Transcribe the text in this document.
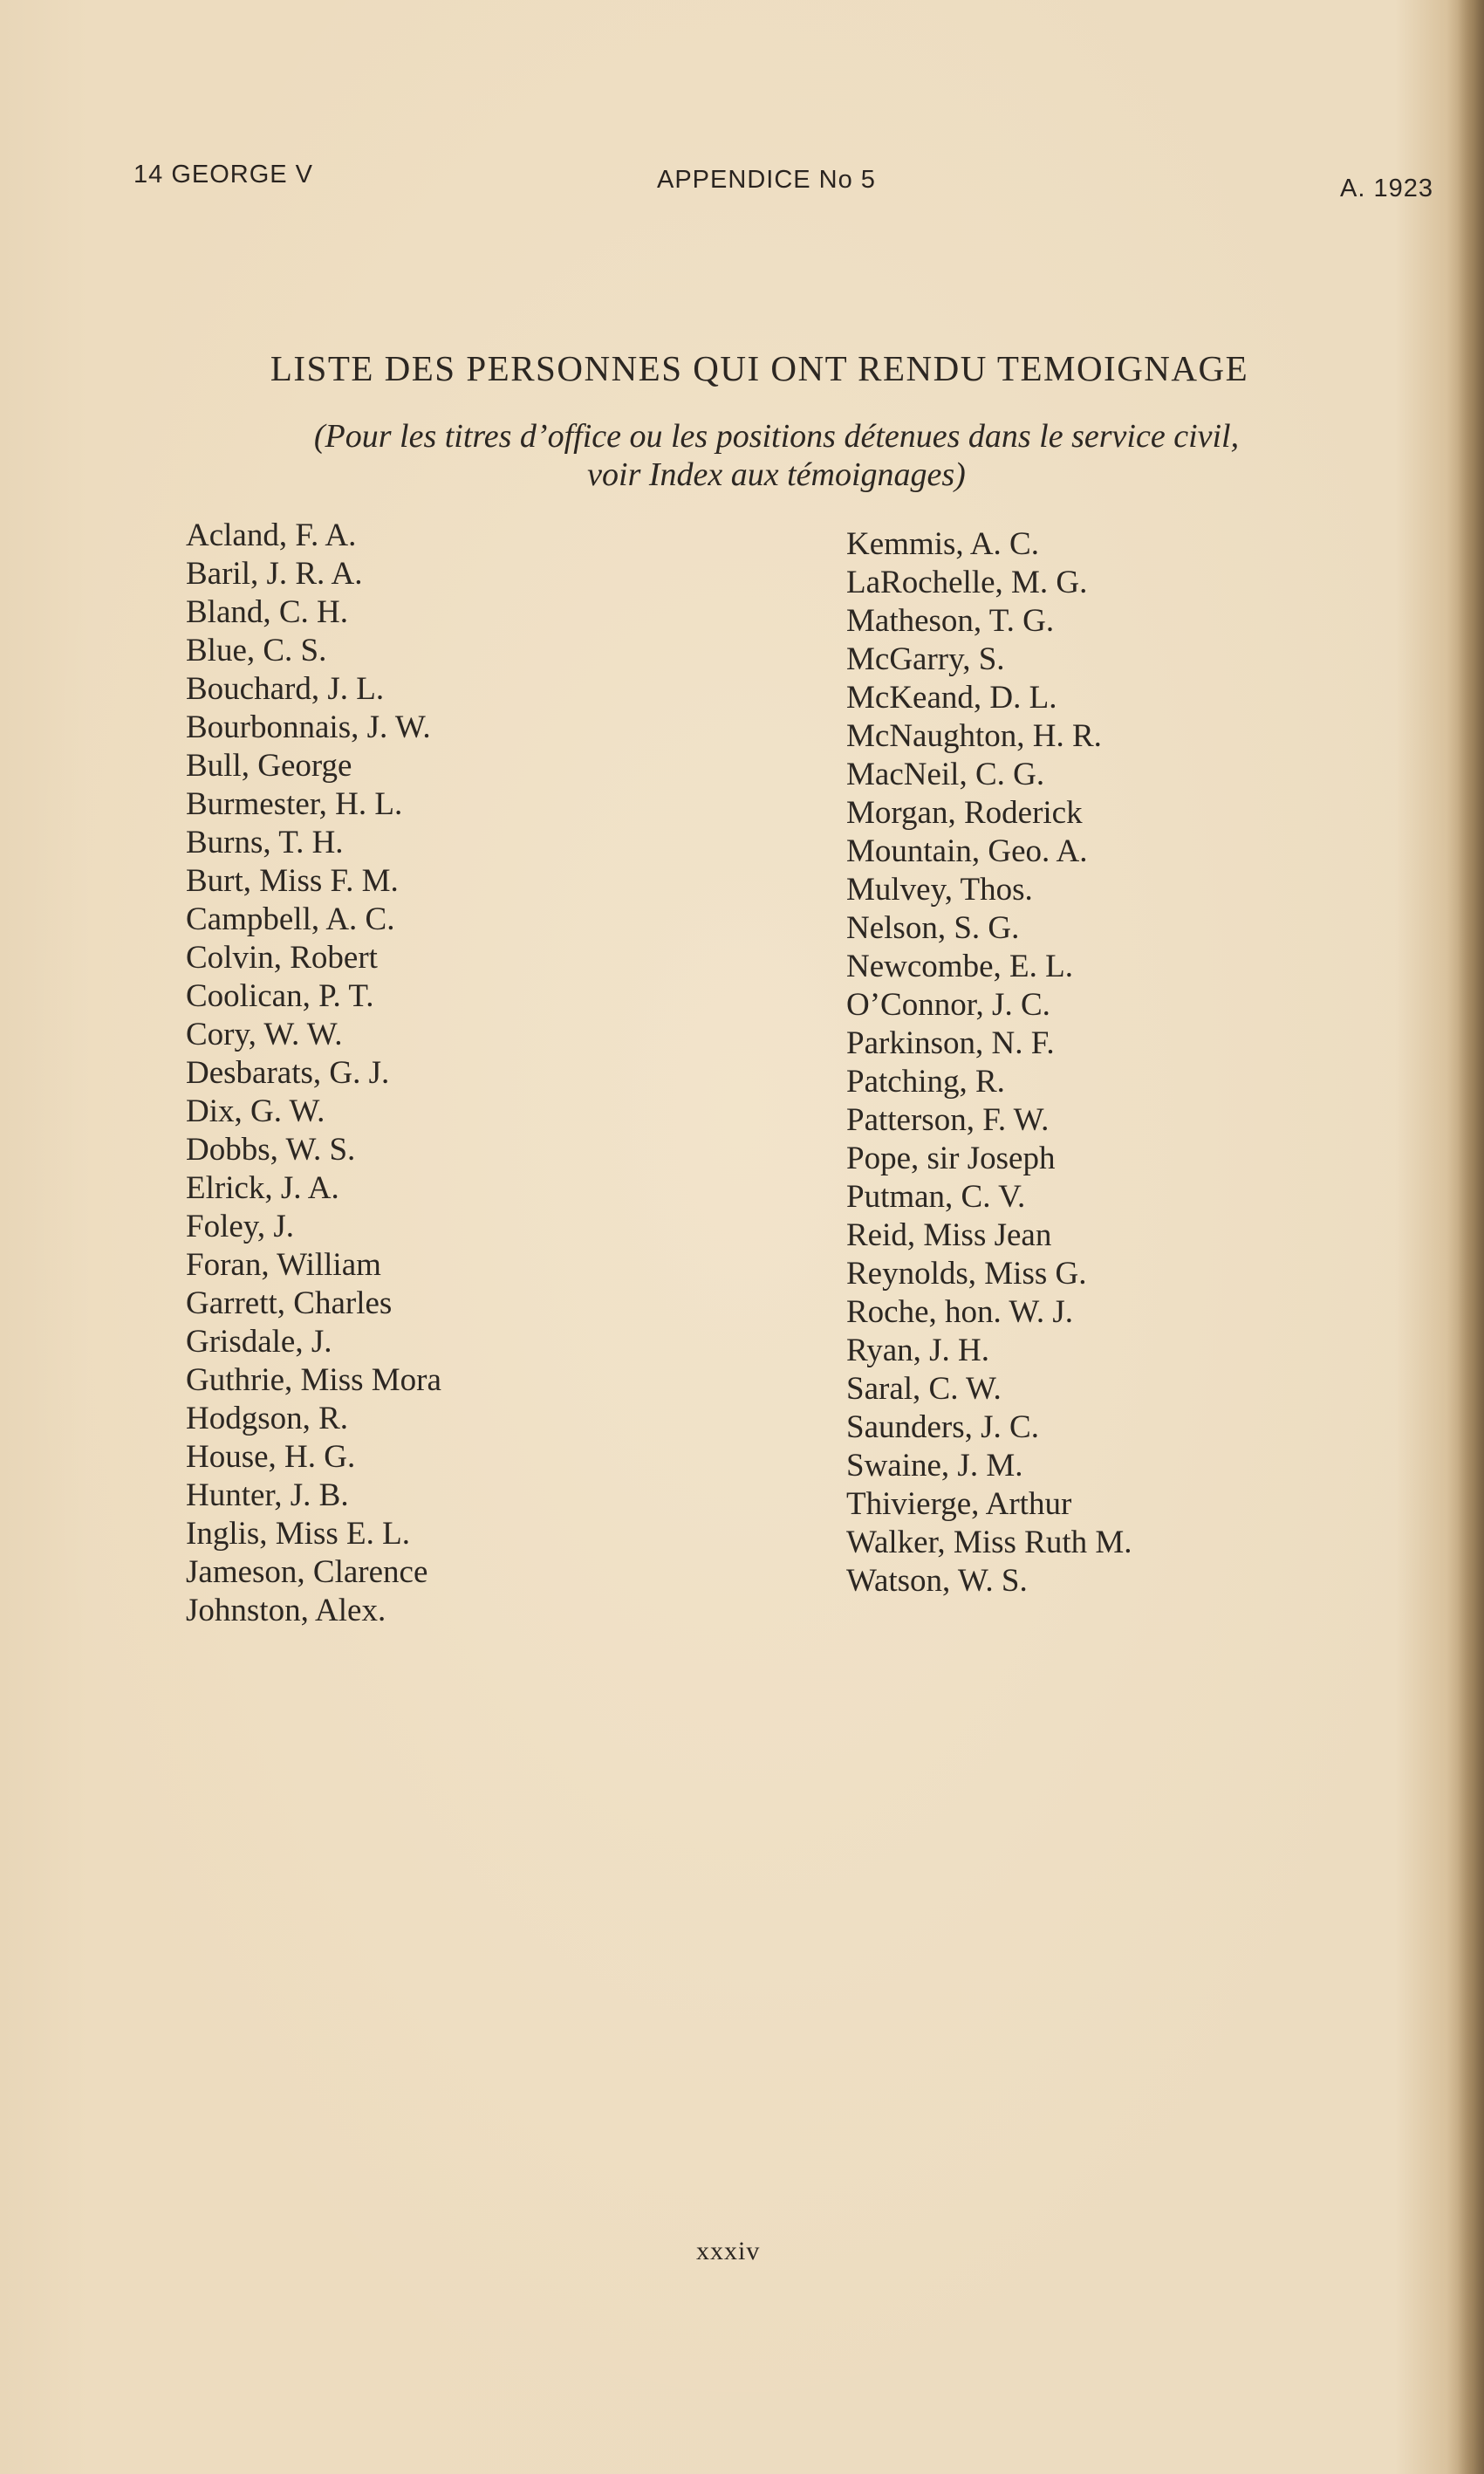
14 GEORGE V	APPENDICE No 5	A. 1923
LISTE DES PERSONNES QUI ONT RENDU TEMOIGNAGE
(Pour les titres d’office ou les positions détenues dans le service civil,
voir Index aux témoignages)
Acland, F. A.
Baril, J. R. A.
Bland, C. H.
Blue, C. S.
Bouchard, J. L.
Bourbonnais, J. W.
Bull, George
Burmester, H. L.
Burns, T. H.
Burt, Miss F. M.
Campbell, A. C.
Colvin, Robert
Coolican, P. T.
Cory, W. W.
Desbarats, G. J.
Dix, G. W.
Dobbs, W. S.
Elrick, J. A.
Foley, J.
Foran, William
Garrett, Charles
Grisdale, J.
Guthrie, Miss Mora
Hodgson, R.
House, H. G.
Hunter, J. B.
Inglis, Miss E. L.
Jameson, Clarence
Johnston, Alex.
Kemmis, A. C.
LaRochelle, M. G.
Matheson, T. G.
McGarry, S.
McKeand, D. L.
McNaughton, H. R.
MacNeil, C. G.
Morgan, Roderick
Mountain, Geo. A.
Mulvey, Thos.
Nelson, S. G.
Newcombe, E. L.
O’Connor, J. C.
Parkinson, N. F.
Patching, R.
Patterson, F. W.
Pope, sir Joseph
Putman, C. V.
Reid, Miss Jean
Reynolds, Miss G.
Roche, hon. W. J.
Ryan, J. H.
Saral, C. W.
Saunders, J. C.
Swaine, J. M.
Thivierge, Arthur
Walker, Miss Ruth M.
Watson, W. S.
xxxiv
